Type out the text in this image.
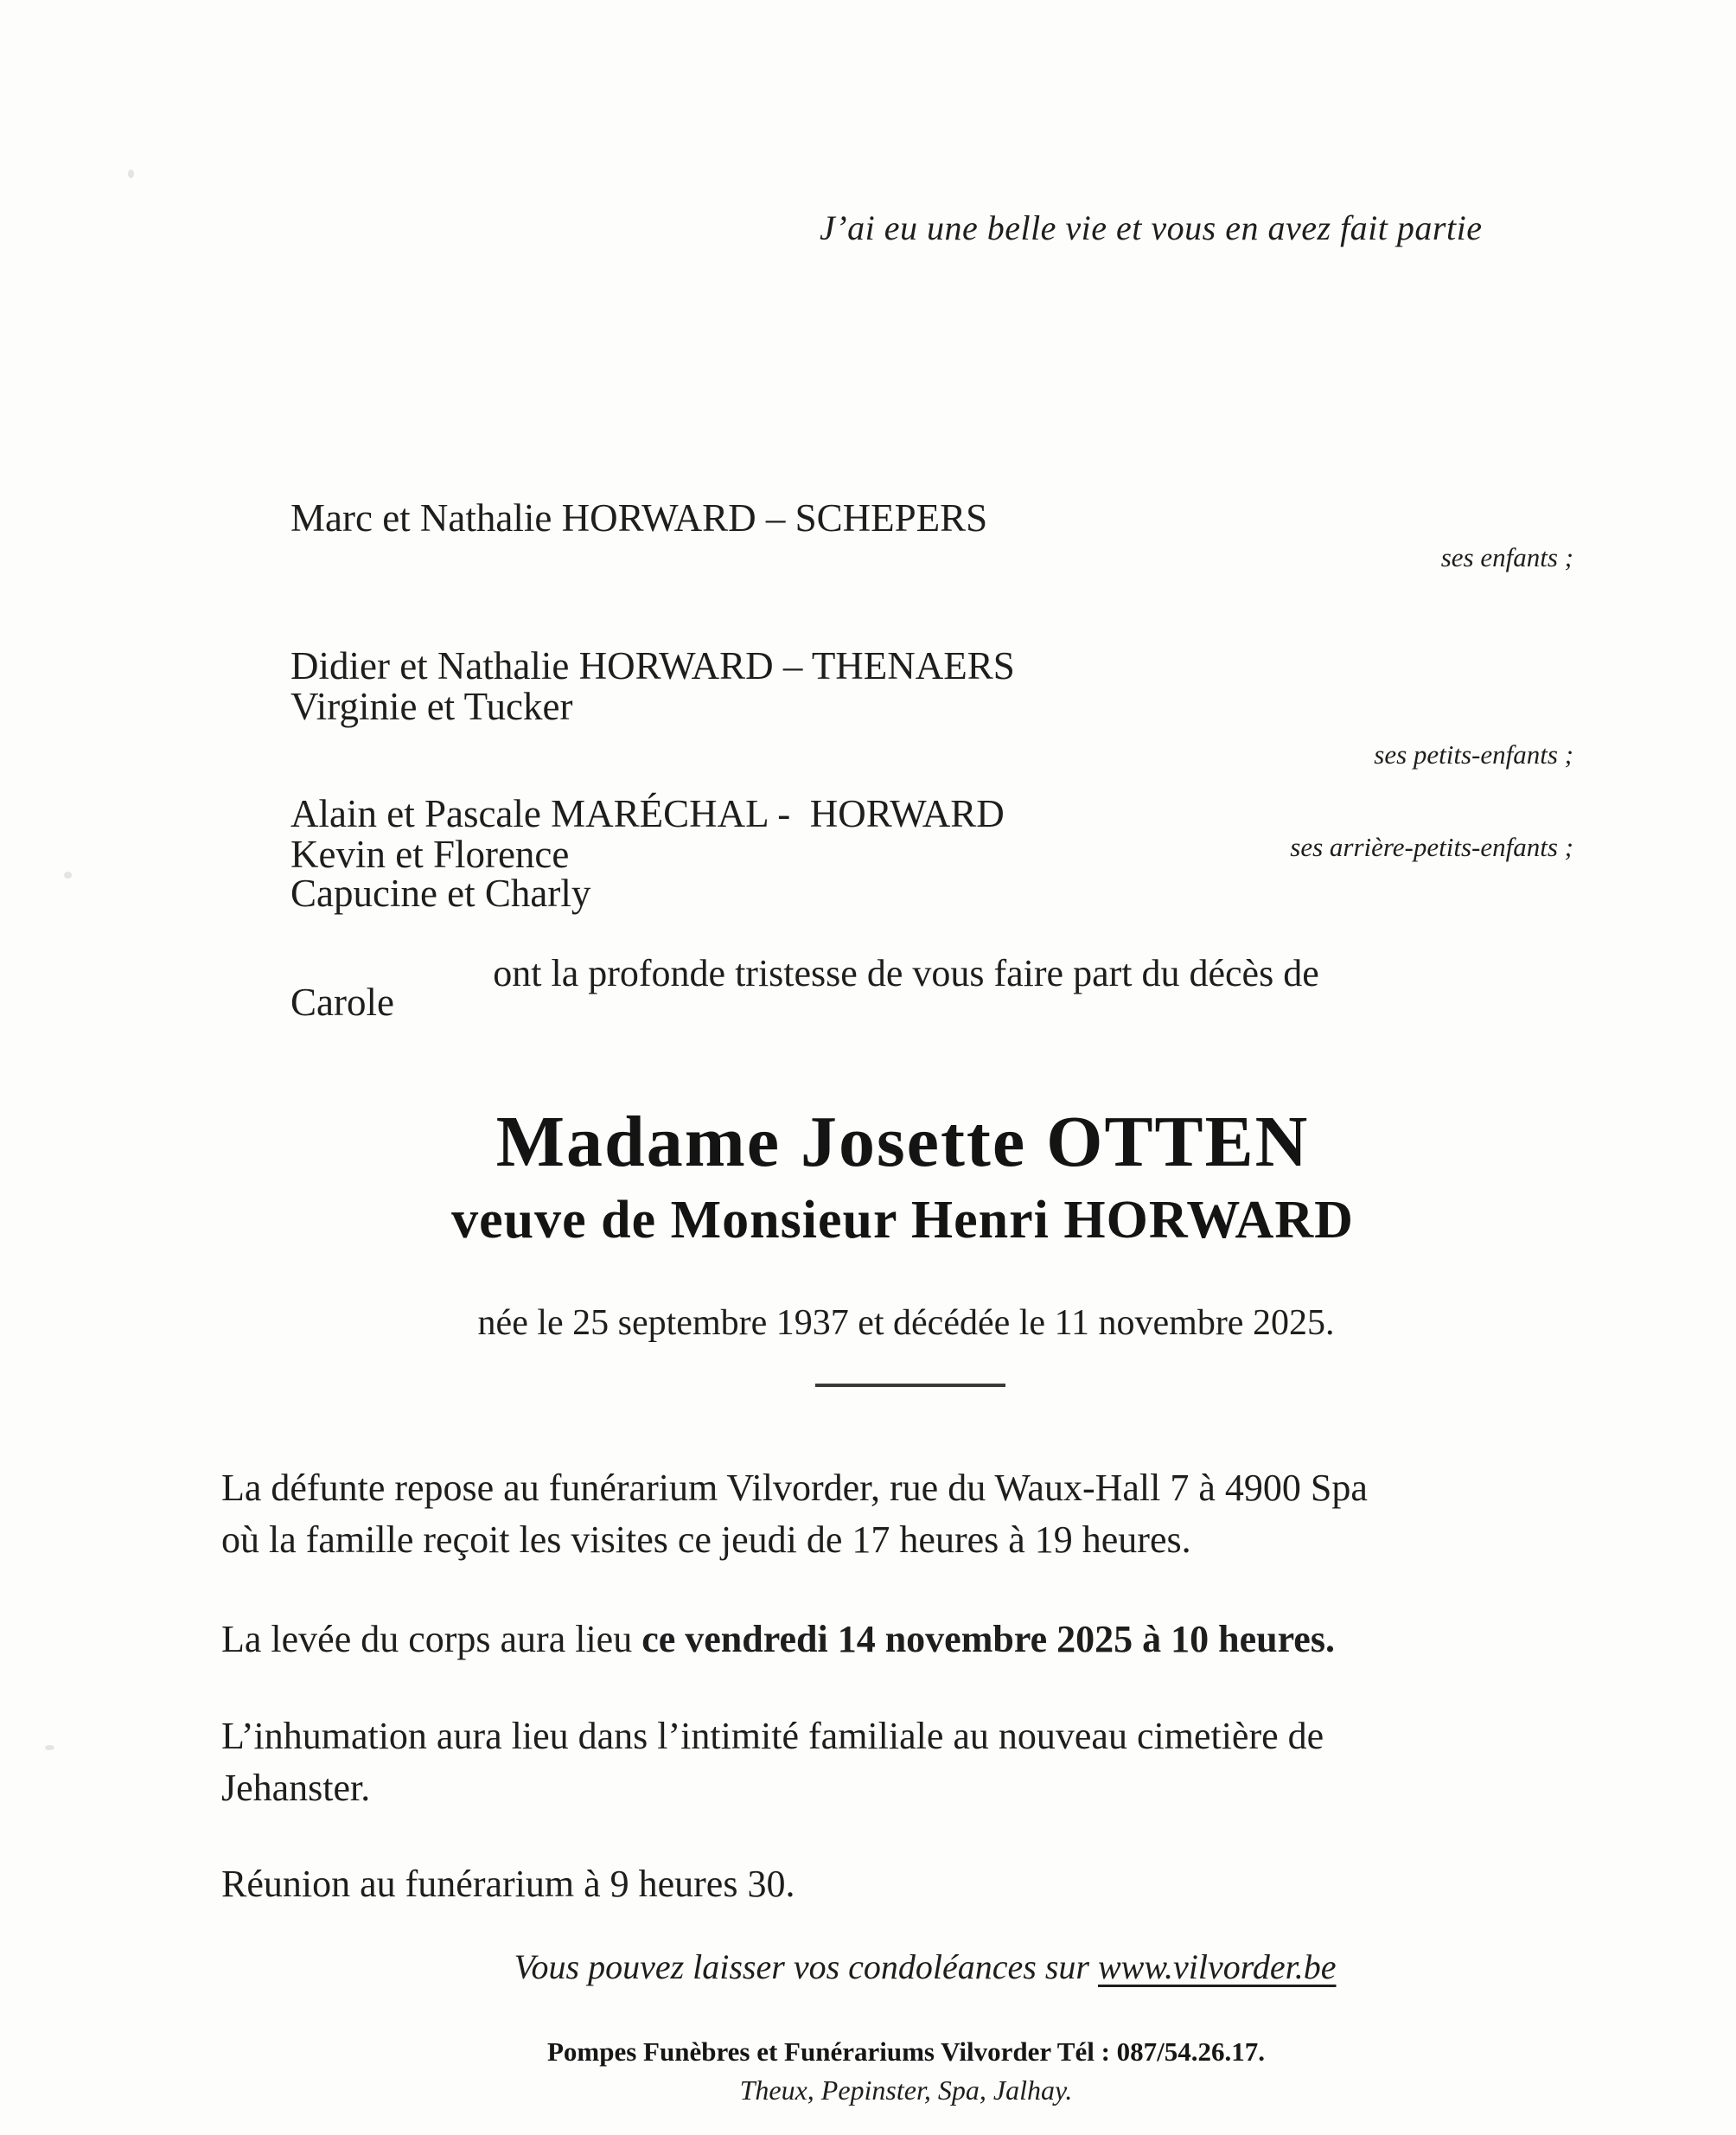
J’ai eu une belle vie et vous en avez fait partie

Marc et Nathalie HORWARD – SCHEPERS

Didier et Nathalie HORWARD – THENAERS

Alain et Pascale MARÉCHAL -  HORWARD

ses enfants ;

Virginie et Tucker

Kevin et Florence

Carole

ses petits-enfants ;

Capucine et Charly

ses arrière-petits-enfants ;
ont la profonde tristesse de vous faire part du décès de
Madame Josette OTTEN
veuve de Monsieur Henri HORWARD
née le 25 septembre 1937 et décédée le 11 novembre 2025.
La défunte repose au funérarium Vilvorder, rue du Waux-Hall 7 à 4900 Spa
où la famille reçoit les visites ce jeudi de 17 heures à 19 heures.
La levée du corps aura lieu ce vendredi 14 novembre 2025 à 10 heures.
L’inhumation aura lieu dans l’intimité familiale au nouveau cimetière de
Jehanster.
Réunion au funérarium à 9 heures 30.
Vous pouvez laisser vos condoléances sur www.vilvorder.be
Pompes Funèbres et Funérariums Vilvorder Tél : 087/54.26.17.
Theux, Pepinster, Spa, Jalhay.
